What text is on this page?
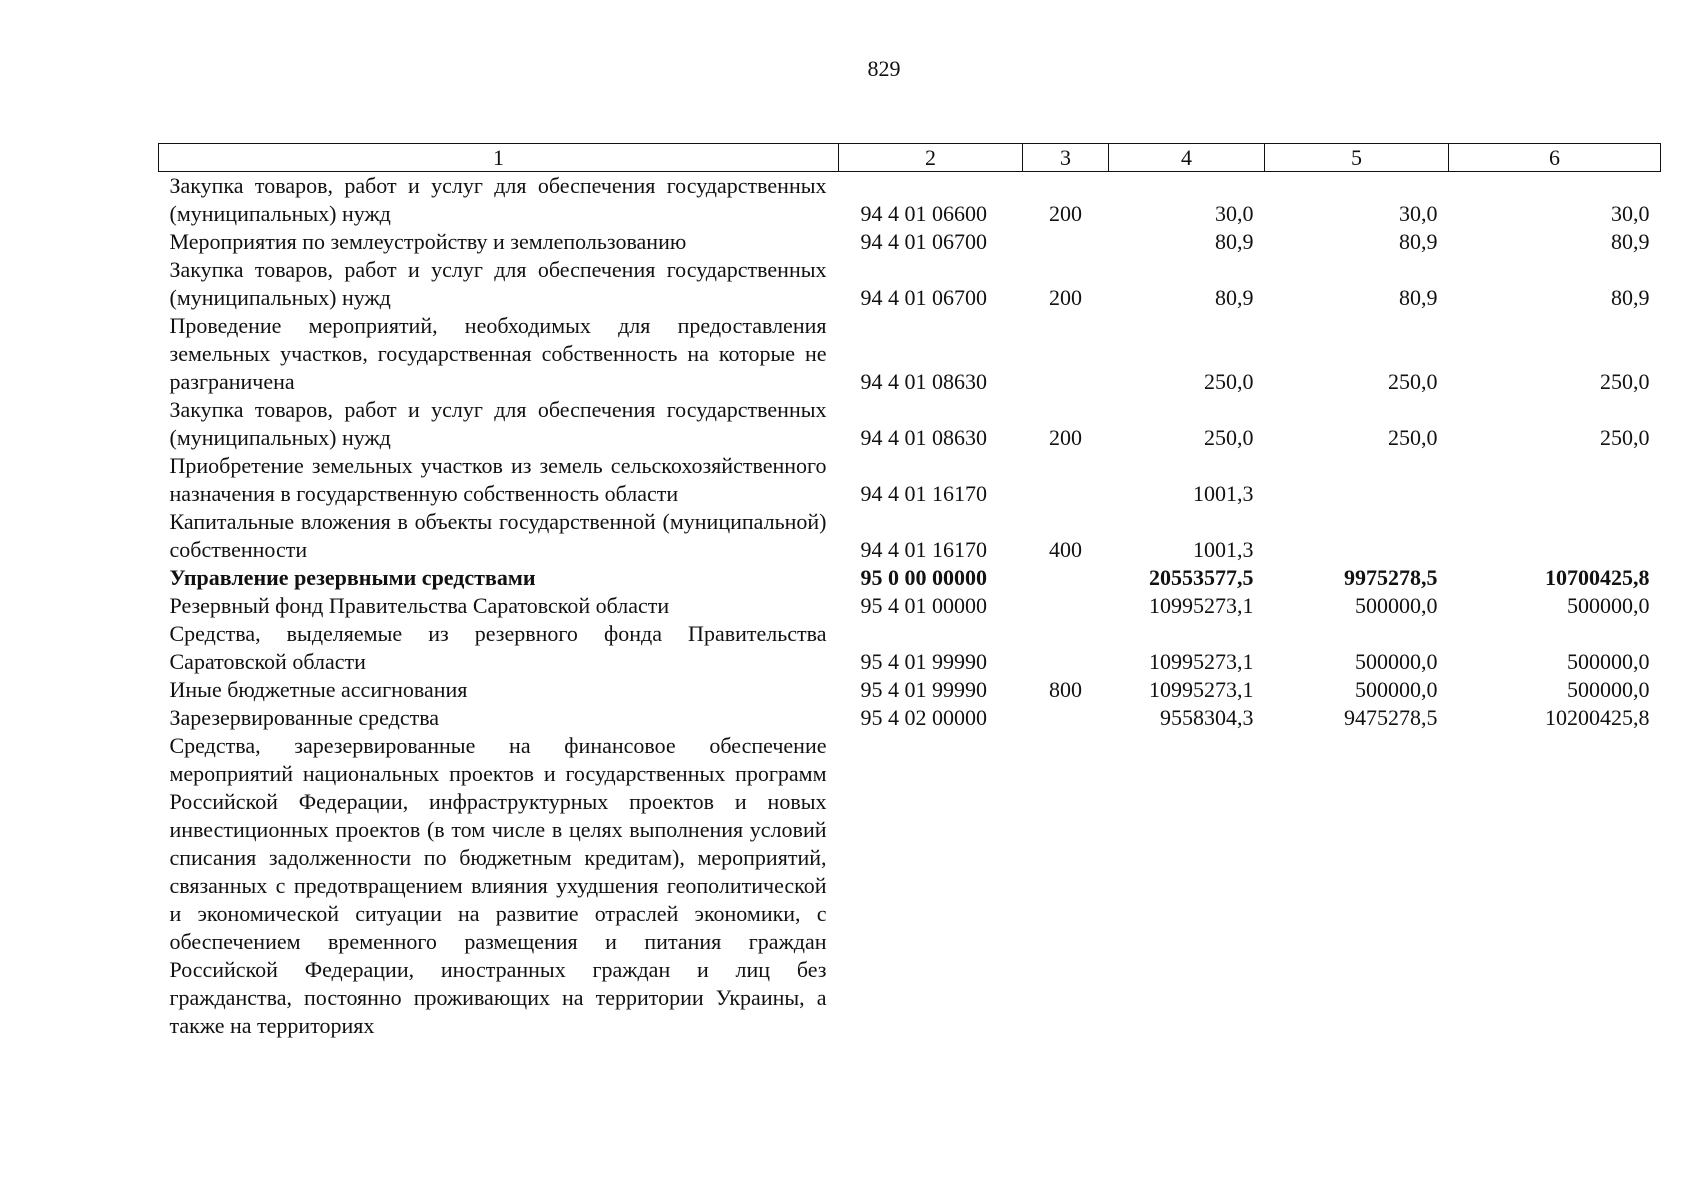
829
1	2	3	4	5	6
Закупка товаров, работ и услуг для обеспечения государственных (муниципальных) нужд	94 4 01 06600	200	30,0	30,0	30,0
Мероприятия по землеустройству и землепользованию	94 4 01 06700		80,9	80,9	80,9
Закупка товаров, работ и услуг для обеспечения государственных (муниципальных) нужд	94 4 01 06700	200	80,9	80,9	80,9
Проведение мероприятий, необходимых для предоставления земельных участков, государственная собственность на которые не разграничена	94 4 01 08630		250,0	250,0	250,0
Закупка товаров, работ и услуг для обеспечения государственных (муниципальных) нужд	94 4 01 08630	200	250,0	250,0	250,0
Приобретение земельных участков из земель сельскохозяйственного назначения в государственную собственность области	94 4 01 16170		1001,3		
Капитальные вложения в объекты государственной (муниципальной) собственности	94 4 01 16170	400	1001,3		
Управление резервными средствами	95 0 00 00000		20553577,5	9975278,5	10700425,8
Резервный фонд Правительства Саратовской области	95 4 01 00000		10995273,1	500000,0	500000,0
Средства, выделяемые из резервного фонда Правительства Саратовской области	95 4 01 99990		10995273,1	500000,0	500000,0
Иные бюджетные ассигнования	95 4 01 99990	800	10995273,1	500000,0	500000,0
Зарезервированные средства	95 4 02 00000		9558304,3	9475278,5	10200425,8
Средства, зарезервированные на финансовое обеспечение мероприятий национальных проектов и государственных программ Российской Федерации, инфраструктурных проектов и новых инвестиционных проектов (в том числе в целях выполнения условий списания задолженности по бюджетным кредитам), мероприятий, связанных с предотвращением влияния ухудшения геополитической и экономической ситуации на развитие отраслей экономики, с обеспечением временного размещения и питания граждан Российской Федерации, иностранных граждан и лиц без гражданства, постоянно проживающих на территории Украины, а также на территориях					
